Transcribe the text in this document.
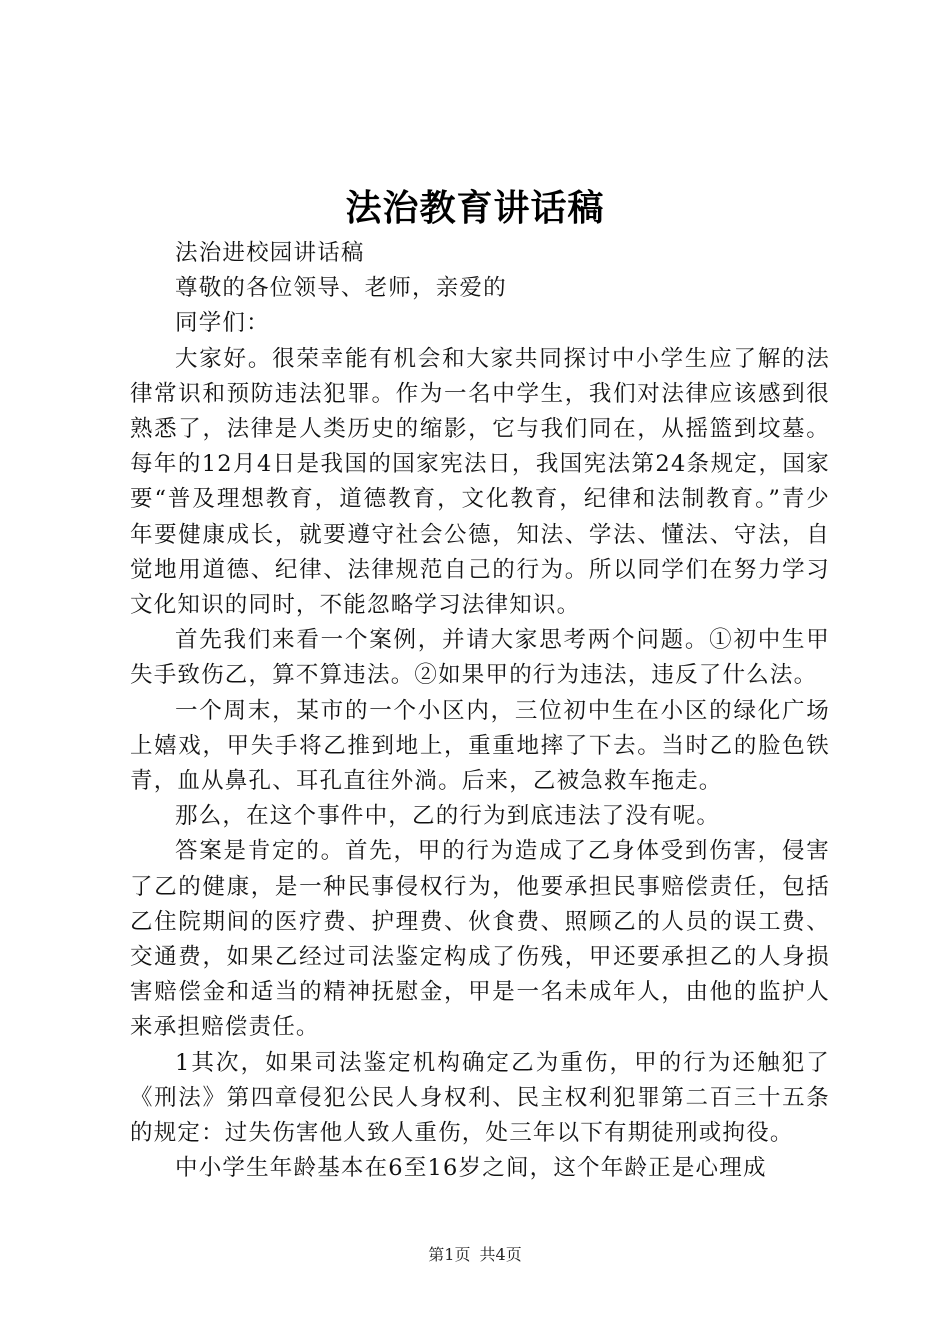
法治教育讲话稿

法治进校园讲话稿

尊敬的各位领导、老师，亲爱的

同学们：

大家好。很荣幸能有机会和大家共同探讨中小学生应了解的法律常识和预防违法犯罪。作为一名中学生，我们对法律应该感到很熟悉了，法律是人类历史的缩影，它与我们同在，从摇篮到坟墓。每年的12月4日是我国的国家宪法日，我国宪法第24条规定，国家要“普及理想教育，道德教育，文化教育，纪律和法制教育。”青少年要健康成长，就要遵守社会公德，知法、学法、懂法、守法，自觉地用道德、纪律、法律规范自己的行为。所以同学们在努力学习文化知识的同时，不能忽略学习法律知识。

首先我们来看一个案例，并请大家思考两个问题。①初中生甲失手致伤乙，算不算违法。②如果甲的行为违法，违反了什么法。

一个周末，某市的一个小区内，三位初中生在小区的绿化广场上嬉戏，甲失手将乙推到地上，重重地摔了下去。当时乙的脸色铁青，血从鼻孔、耳孔直往外淌。后来，乙被急救车拖走。

那么，在这个事件中，乙的行为到底违法了没有呢。

答案是肯定的。首先，甲的行为造成了乙身体受到伤害，侵害了乙的健康，是一种民事侵权行为，他要承担民事赔偿责任，包括乙住院期间的医疗费、护理费、伙食费、照顾乙的人员的误工费、交通费，如果乙经过司法鉴定构成了伤残，甲还要承担乙的人身损害赔偿金和适当的精神抚慰金，甲是一名未成年人，由他的监护人来承担赔偿责任。

1其次，如果司法鉴定机构确定乙为重伤，甲的行为还触犯了《刑法》第四章侵犯公民人身权利、民主权利犯罪第二百三十五条的规定：过失伤害他人致人重伤，处三年以下有期徒刑或拘役。

中小学生年龄基本在6至16岁之间，这个年龄正是心理成

第1页 共4页
